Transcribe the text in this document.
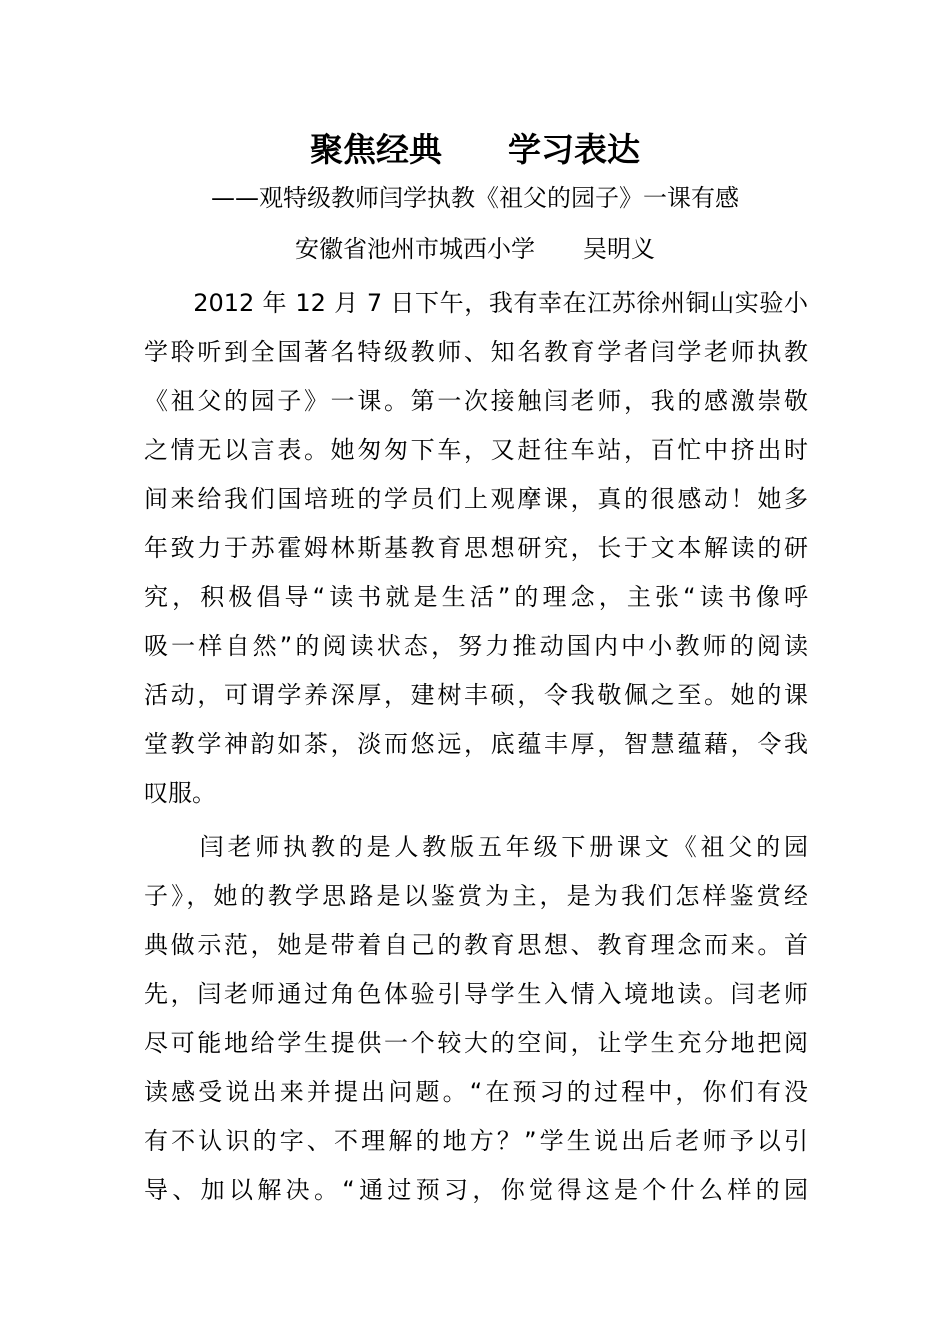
聚焦经典　　学习表达
——观特级教师闫学执教《祖父的园子》一课有感
安徽省池州市城西小学　　吴明义
　　2012 年 12 月 7 日下午，我有幸在江苏徐州铜山实验小
学聆听到全国著名特级教师、知名教育学者闫学老师执教
《祖父的园子》一课。第一次接触闫老师，我的感激崇敬
之情无以言表。她匆匆下车，又赶往车站，百忙中挤出时
间来给我们国培班的学员们上观摩课，真的很感动！她多
年致力于苏霍姆林斯基教育思想研究，长于文本解读的研
究，积极倡导“读书就是生活”的理念，主张“读书像呼
吸一样自然”的阅读状态，努力推动国内中小教师的阅读
活动，可谓学养深厚，建树丰硕，令我敬佩之至。她的课
堂教学神韵如茶，淡而悠远，底蕴丰厚，智慧蕴藉，令我
叹服。
　　闫老师执教的是人教版五年级下册课文《祖父的园
子》，她的教学思路是以鉴赏为主，是为我们怎样鉴赏经
典做示范，她是带着自己的教育思想、教育理念而来。首
先，闫老师通过角色体验引导学生入情入境地读。闫老师
尽可能地给学生提供一个较大的空间，让学生充分地把阅
读感受说出来并提出问题。“在预习的过程中，你们有没
有不认识的字、不理解的地方？”学生说出后老师予以引
导、加以解决。“通过预习，你觉得这是个什么样的园
